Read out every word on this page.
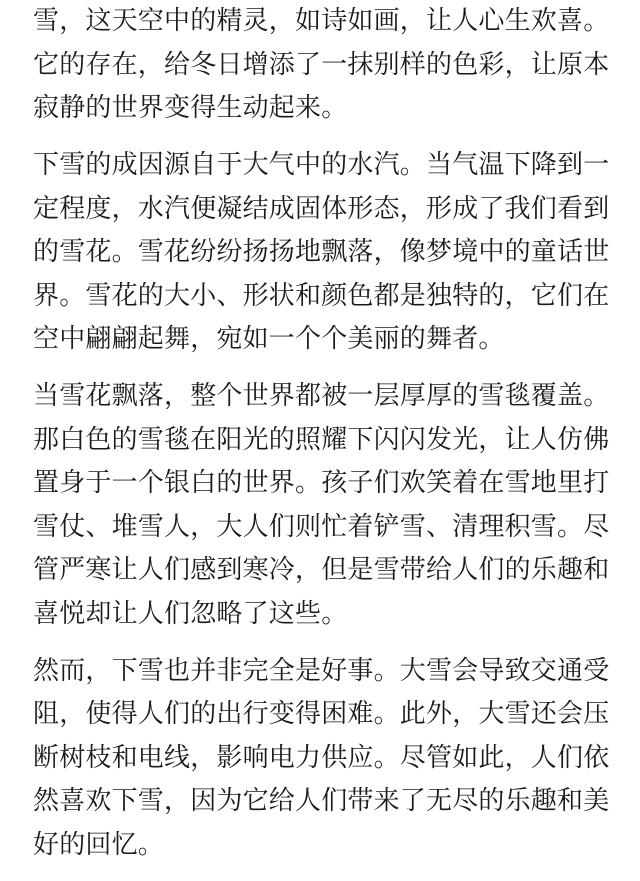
雪，这天空中的精灵，如诗如画，让人心生欢喜。
它的存在，给冬日增添了一抹别样的色彩，让原本
寂静的世界变得生动起来。

下雪的成因源自于大气中的水汽。当气温下降到一
定程度，水汽便凝结成固体形态，形成了我们看到
的雪花。雪花纷纷扬扬地飘落，像梦境中的童话世
界。雪花的大小、形状和颜色都是独特的，它们在
空中翩翩起舞，宛如一个个美丽的舞者。

当雪花飘落，整个世界都被一层厚厚的雪毯覆盖。
那白色的雪毯在阳光的照耀下闪闪发光，让人仿佛
置身于一个银白的世界。孩子们欢笑着在雪地里打
雪仗、堆雪人，大人们则忙着铲雪、清理积雪。尽
管严寒让人们感到寒冷，但是雪带给人们的乐趣和
喜悦却让人们忽略了这些。

然而，下雪也并非完全是好事。大雪会导致交通受
阻，使得人们的出行变得困难。此外，大雪还会压
断树枝和电线，影响电力供应。尽管如此，人们依
然喜欢下雪，因为它给人们带来了无尽的乐趣和美
好的回忆。
